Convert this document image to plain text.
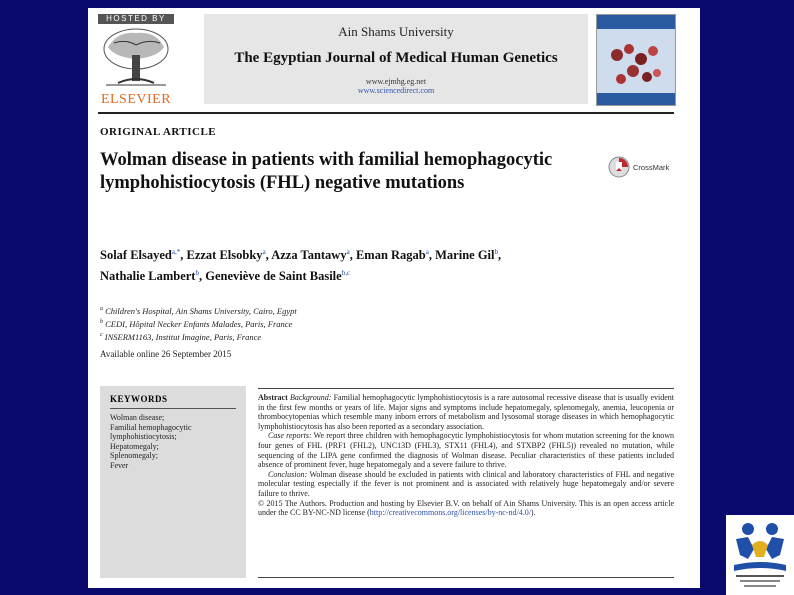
HOSTED BY
ELSEVIER
Ain Shams University
The Egyptian Journal of Medical Human Genetics
www.ejmhg.eg.net
www.sciencedirect.com
ORIGINAL ARTICLE
Wolman disease in patients with familial hemophagocytic lymphohistiocytosis (FHL) negative mutations
CrossMark
Solaf Elsayed$^{a,*}$, Ezzat Elsobky$^a$, Azza Tantawy$^a$, Eman Ragab$^a$, Marine Gil$^b$,
Nathalie Lambert$^b$, Geneviève de Saint Basile$^{b,c}$
$^a$ Children's Hospital, Ain Shams University, Cairo, Egypt
$^b$ CEDI, Hôpital Necker Enfants Malades, Paris, France
$^c$ INSERM1163, Institut Imagine, Paris, France
Available online 26 September 2015
KEYWORDS
Wolman disease;
Familial hemophagocytic
lymphohistiocytosis;
Hepatomegaly;
Splenomegaly;
Fever

Abstract Background: Familial hemophagocytic lymphohistiocytosis is a rare autosomal recessive disease that is usually evident in the first few months or years of life. Major signs and symptoms include hepatomegaly, splenomegaly, anemia, leucopenia or thrombocytopenias which resemble many inborn errors of metabolism and lysosomal storage diseases in which hemophagocytic lymphohistiocytosis has also been reported as a secondary association.

Case reports: We report three children with hemophagocytic lymphohistiocytosis for whom mutation screening for the known four genes of FHL (PRF1 (FHL2), UNC13D (FHL3), STX11 (FHL4), and STXBP2 (FHL5)) revealed no mutation, while sequencing of the LIPA gene confirmed the diagnosis of Wolman disease. Peculiar characteristics of these patients included absence of prominent fever, huge hepatomegaly and a severe failure to thrive.

Conclusion: Wolman disease should be excluded in patients with clinical and laboratory characteristics of FHL and negative molecular testing especially if the fever is not prominent and is associated with relatively huge hepatomegaly and/or severe failure to thrive.

© 2015 The Authors. Production and hosting by Elsevier B.V. on behalf of Ain Shams University. This is an open access article under the CC BY-NC-ND license (http://creativecommons.org/licenses/by-nc-nd/4.0/).
